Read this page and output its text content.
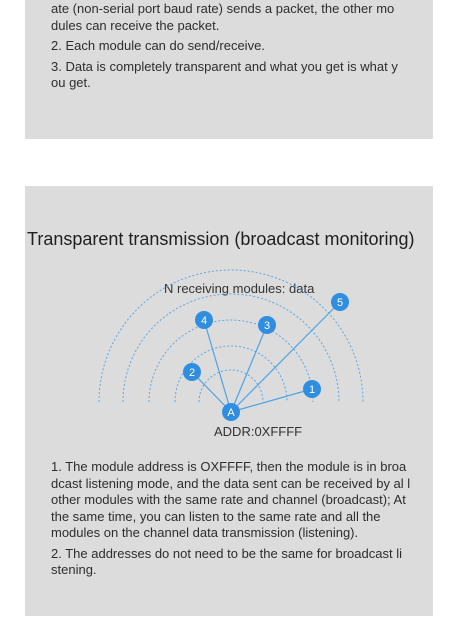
ate (non-serial port baud rate) sends a packet, the other mo dules can receive the packet.

2. Each module can do send/receive.

3. Data is completely transparent and what you get is what y ou get.

Transparent transmission (broadcast monitoring)
N receiving modules: data
5
4	3
2
1
A
ADDR:0XFFFF

1. The module address is OXFFFF, then the module is in broa dcast listening mode, and the data sent can be received by al l other modules with the same rate and channel (broadcast); At the same time, you can listen to the same rate and all the modules on the channel data transmission (listening).

2. The addresses do not need to be the same for broadcast li stening.
